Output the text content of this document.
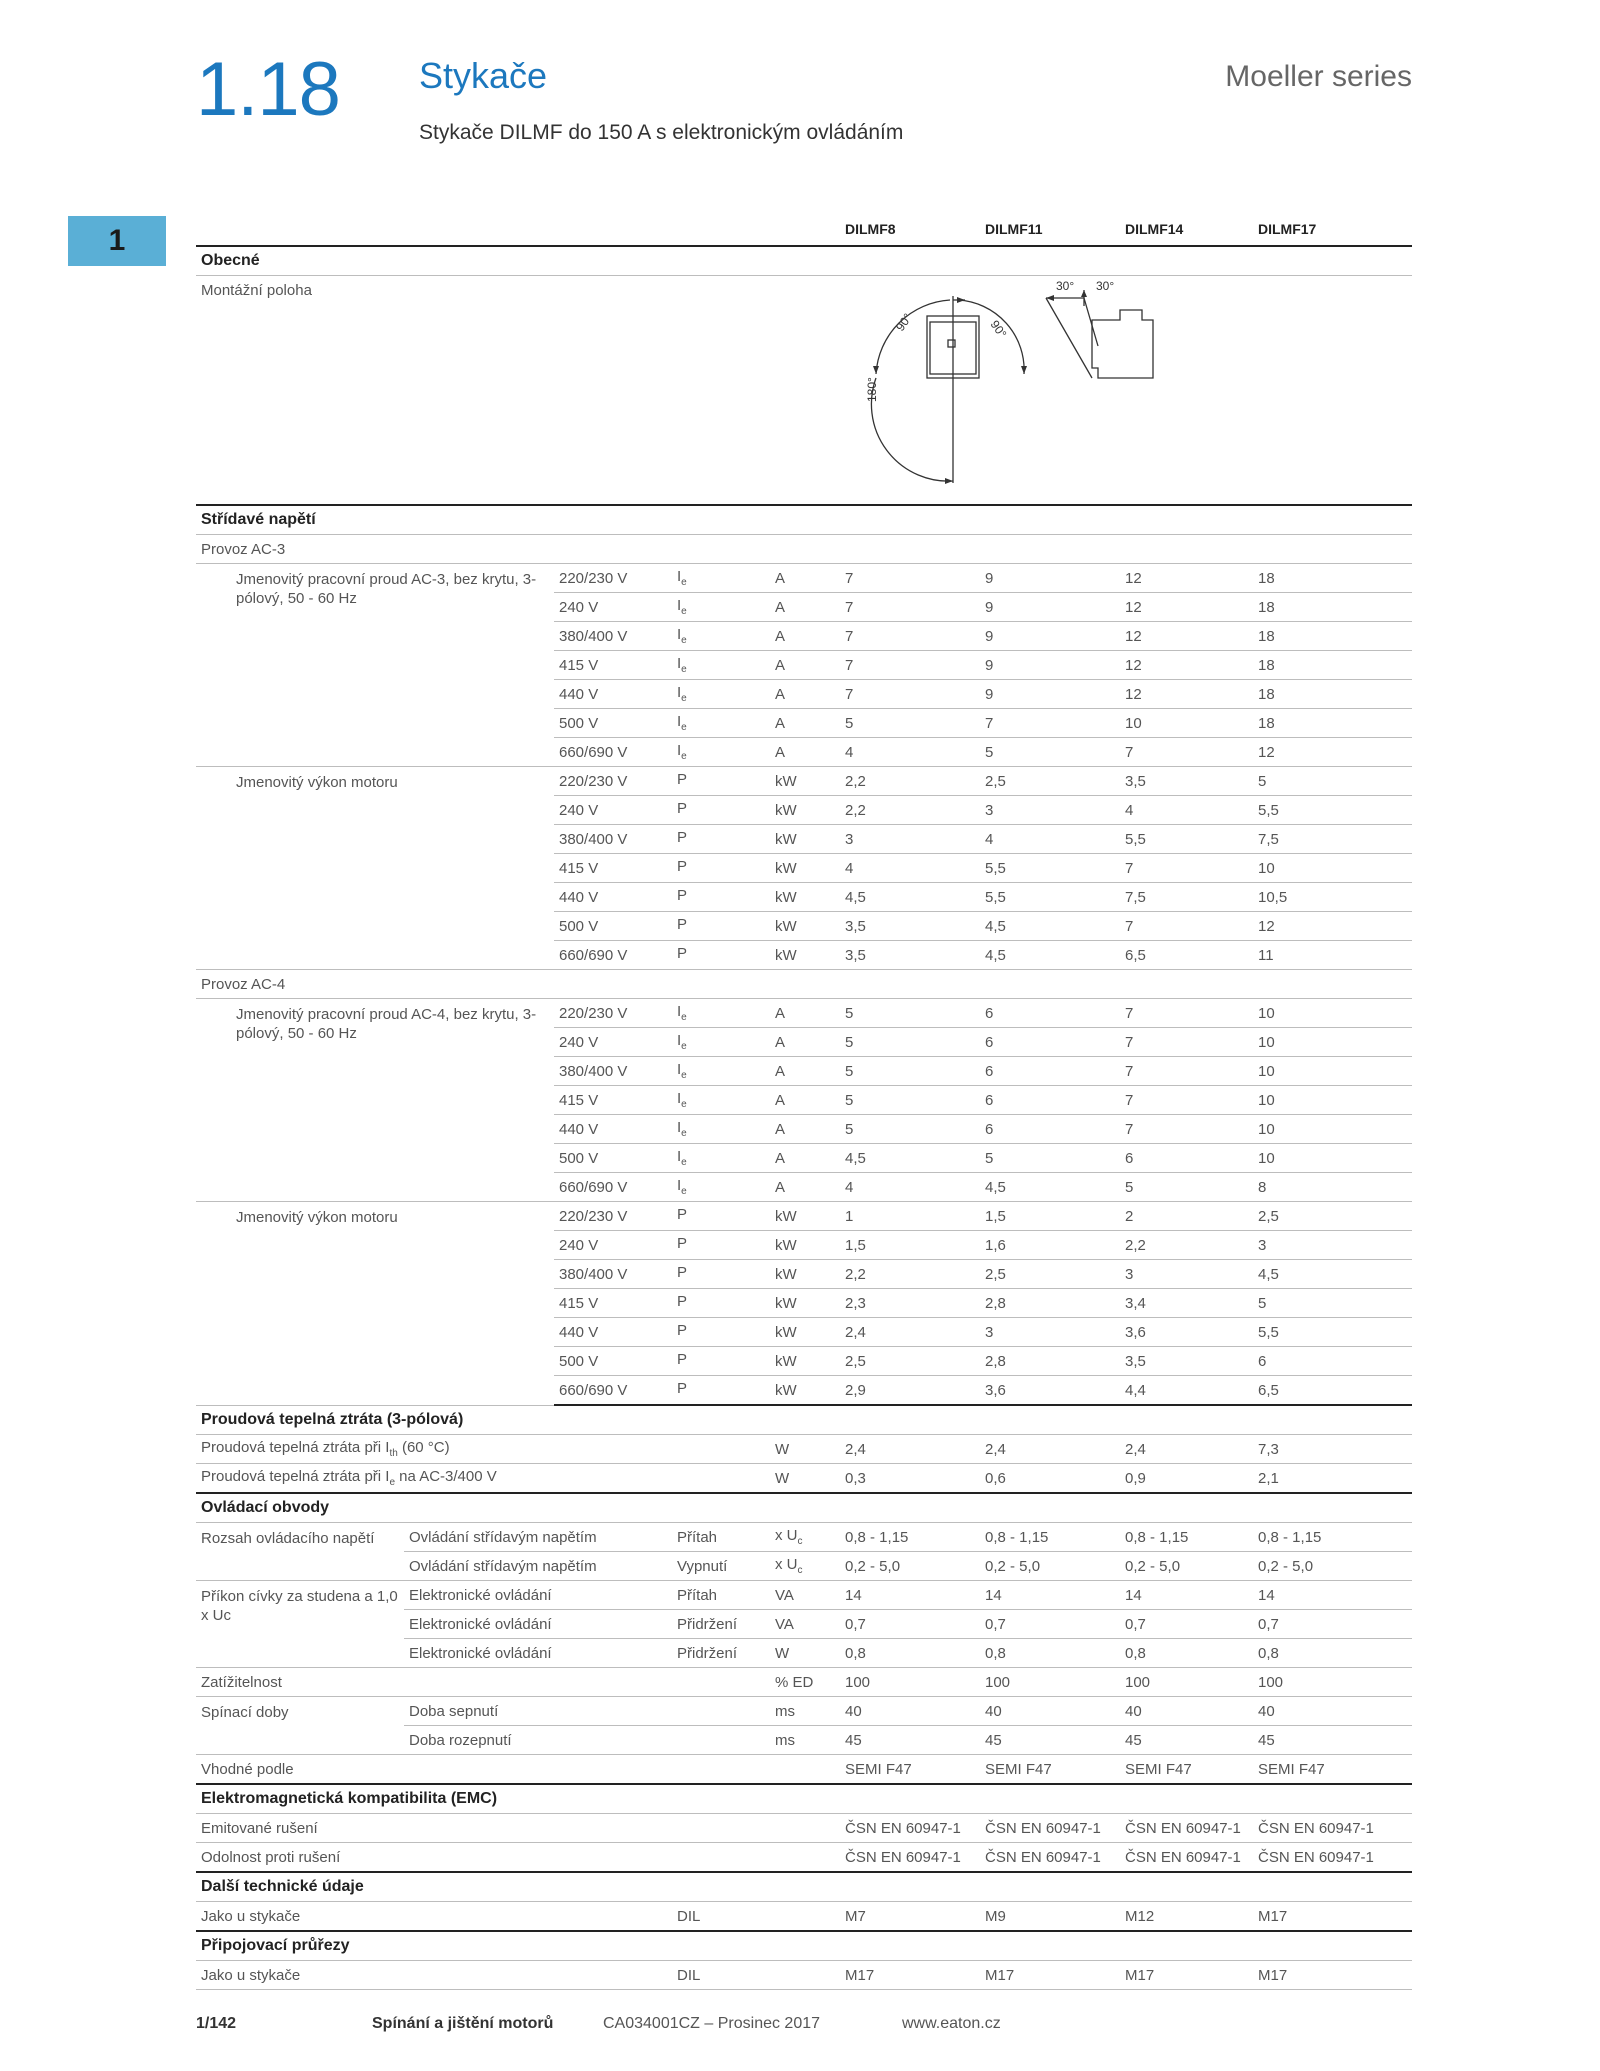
1.18 Stykače
Stykače DILMF do 150 A s elektronickým ovládáním
Moeller series
1
					DILMF8	DILMF11	DILMF14	DILMF17
Obecné								
Montážní poloha					90° 90°
180°
30° 30°			

Střídavé napětí								
Provoz AC-3								
Jmenovitý pracovní proud AC-3, bez krytu, 3-pólový, 50 - 60 Hz		220/230 V	$I_e$	A	7	9	12	18
		240 V	$I_e$	A	7	9	12	18
		380/400 V	$I_e$	A	7	9	12	18
		415 V	$I_e$	A	7	9	12	18
		440 V	$I_e$	A	7	9	12	18
		500 V	$I_e$	A	5	7	10	18
		660/690 V	$I_e$	A	4	5	7	12
Jmenovitý výkon motoru		220/230 V	P	kW	2,2	2,5	3,5	5
		240 V	P	kW	2,2	3	4	5,5
		380/400 V	P	kW	3	4	5,5	7,5
		415 V	P	kW	4	5,5	7	10
		440 V	P	kW	4,5	5,5	7,5	10,5
		500 V	P	kW	3,5	4,5	7	12
		660/690 V	P	kW	3,5	4,5	6,5	11
Provoz AC-4								
Jmenovitý pracovní proud AC-4, bez krytu, 3-pólový, 50 - 60 Hz		220/230 V	$I_e$	A	5	6	7	10
		240 V	$I_e$	A	5	6	7	10
		380/400 V	$I_e$	A	5	6	7	10
		415 V	$I_e$	A	5	6	7	10
		440 V	$I_e$	A	5	6	7	10
		500 V	$I_e$	A	4,5	5	6	10
		660/690 V	$I_e$	A	4	4,5	5	8
Jmenovitý výkon motoru		220/230 V	P	kW	1	1,5	2	2,5
		240 V	P	kW	1,5	1,6	2,2	3
		380/400 V	P	kW	2,2	2,5	3	4,5
		415 V	P	kW	2,3	2,8	3,4	5
		440 V	P	kW	2,4	3	3,6	5,5
		500 V	P	kW	2,5	2,8	3,5	6
		660/690 V	P	kW	2,9	3,6	4,4	6,5
Proudová tepelná ztráta (3-pólová)								
Proudová tepelná ztráta při $I_{th}$ (60 °C)				W	2,4	2,4	2,4	7,3
Proudová tepelná ztráta při $I_e$ na AC-3/400 V				W	0,3	0,6	0,9	2,1
Ovládací obvody								
Rozsah ovládacího napětí	Ovládání střídavým napětím		Přítah	x $U_c$	0,8 - 1,15	0,8 - 1,15	0,8 - 1,15	0,8 - 1,15
	Ovládání střídavým napětím		Vypnutí	x $U_c$	0,2 - 5,0	0,2 - 5,0	0,2 - 5,0	0,2 - 5,0
Příkon cívky za studena a 1,0 x Uc	Elektronické ovládání		Přítah	VA	14	14	14	14
	Elektronické ovládání		Přidržení	VA	0,7	0,7	0,7	0,7
	Elektronické ovládání		Přidržení	W	0,8	0,8	0,8	0,8
Zatížitelnost				% ED	100	100	100	100
Spínací doby	Doba sepnutí			ms	40	40	40	40
	Doba rozepnutí			ms	45	45	45	45
Vhodné podle					SEMI F47	SEMI F47	SEMI F47	SEMI F47
Elektromagnetická kompatibilita (EMC)								
Emitované rušení					ČSN EN 60947-1	ČSN EN 60947-1	ČSN EN 60947-1	ČSN EN 60947-1
Odolnost proti rušení					ČSN EN 60947-1	ČSN EN 60947-1	ČSN EN 60947-1	ČSN EN 60947-1
Další technické údaje								
Jako u stykače			DIL		M7	M9	M12	M17
Připojovací průřezy								
Jako u stykače			DIL		M17	M17	M17	M17
1/142	Spínání a jištění motorů	CA034001CZ – Prosinec 2017	www.eaton.cz
